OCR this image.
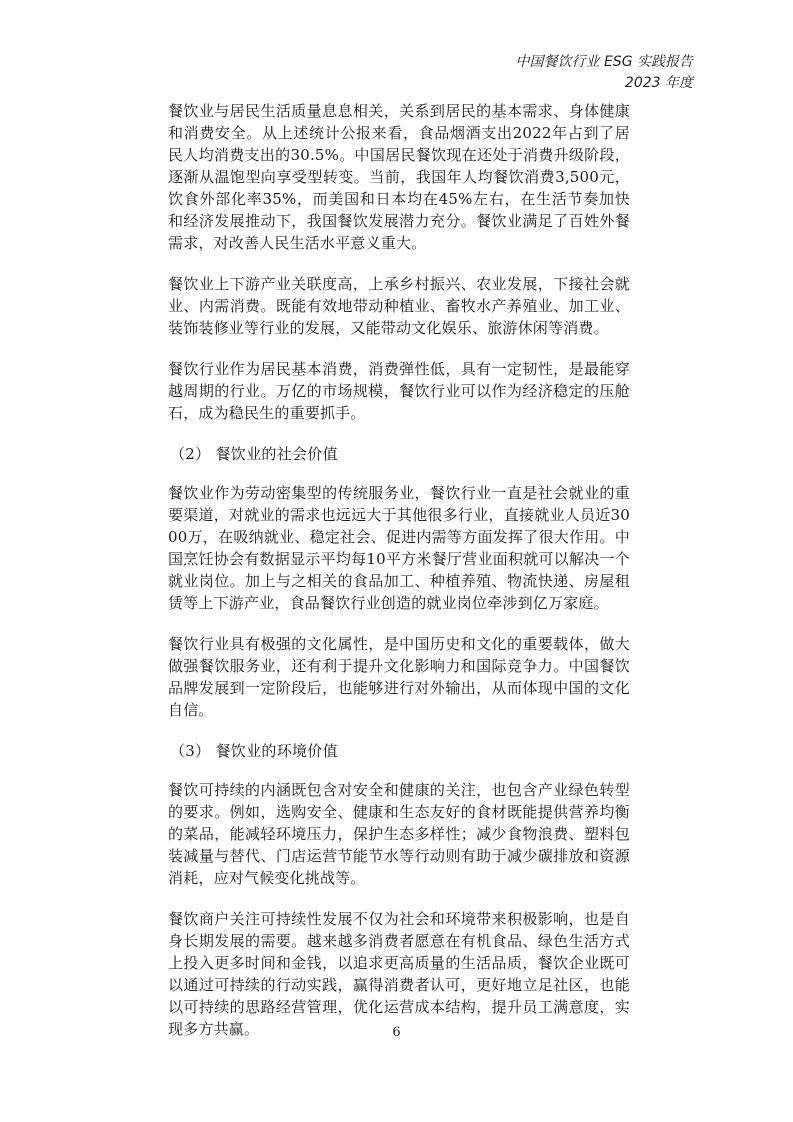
中国餐饮行业 ESG 实践报告
2023 年度

餐饮业与居民生活质量息息相关，关系到居民的基本需求、身体健康和消费安全。从上述统计公报来看，食品烟酒支出2022年占到了居民人均消费支出的30.5%。中国居民餐饮现在还处于消费升级阶段，逐渐从温饱型向享受型转变。当前，我国年人均餐饮消费3,500元，饮食外部化率35%，而美国和日本均在45%左右，在生活节奏加快和经济发展推动下，我国餐饮发展潜力充分。餐饮业满足了百姓外餐需求，对改善人民生活水平意义重大。

餐饮业上下游产业关联度高，上承乡村振兴、农业发展，下接社会就业、内需消费。既能有效地带动种植业、畜牧水产养殖业、加工业、装饰装修业等行业的发展，又能带动文化娱乐、旅游休闲等消费。

餐饮行业作为居民基本消费，消费弹性低，具有一定韧性，是最能穿越周期的行业。万亿的市场规模，餐饮行业可以作为经济稳定的压舱石，成为稳民生的重要抓手。

（2） 餐饮业的社会价值

餐饮业作为劳动密集型的传统服务业，餐饮行业一直是社会就业的重要渠道，对就业的需求也远远大于其他很多行业，直接就业人员近3000万，在吸纳就业、稳定社会、促进内需等方面发挥了很大作用。中国烹饪协会有数据显示平均每10平方米餐厅营业面积就可以解决一个就业岗位。加上与之相关的食品加工、种植养殖、物流快递、房屋租赁等上下游产业，食品餐饮行业创造的就业岗位牵涉到亿万家庭。

餐饮行业具有极强的文化属性，是中国历史和文化的重要载体，做大做强餐饮服务业，还有利于提升文化影响力和国际竞争力。中国餐饮品牌发展到一定阶段后，也能够进行对外输出，从而体现中国的文化自信。

（3） 餐饮业的环境价值

餐饮可持续的内涵既包含对安全和健康的关注，也包含产业绿色转型的要求。例如，选购安全、健康和生态友好的食材既能提供营养均衡的菜品，能减轻环境压力，保护生态多样性；减少食物浪费、塑料包装减量与替代、门店运营节能节水等行动则有助于减少碳排放和资源消耗，应对气候变化挑战等。

餐饮商户关注可持续性发展不仅为社会和环境带来积极影响，也是自身长期发展的需要。越来越多消费者愿意在有机食品、绿色生活方式上投入更多时间和金钱，以追求更高质量的生活品质，餐饮企业既可以通过可持续的行动实践，赢得消费者认可，更好地立足社区，也能以可持续的思路经营管理，优化运营成本结构，提升员工满意度，实现多方共赢。	6
